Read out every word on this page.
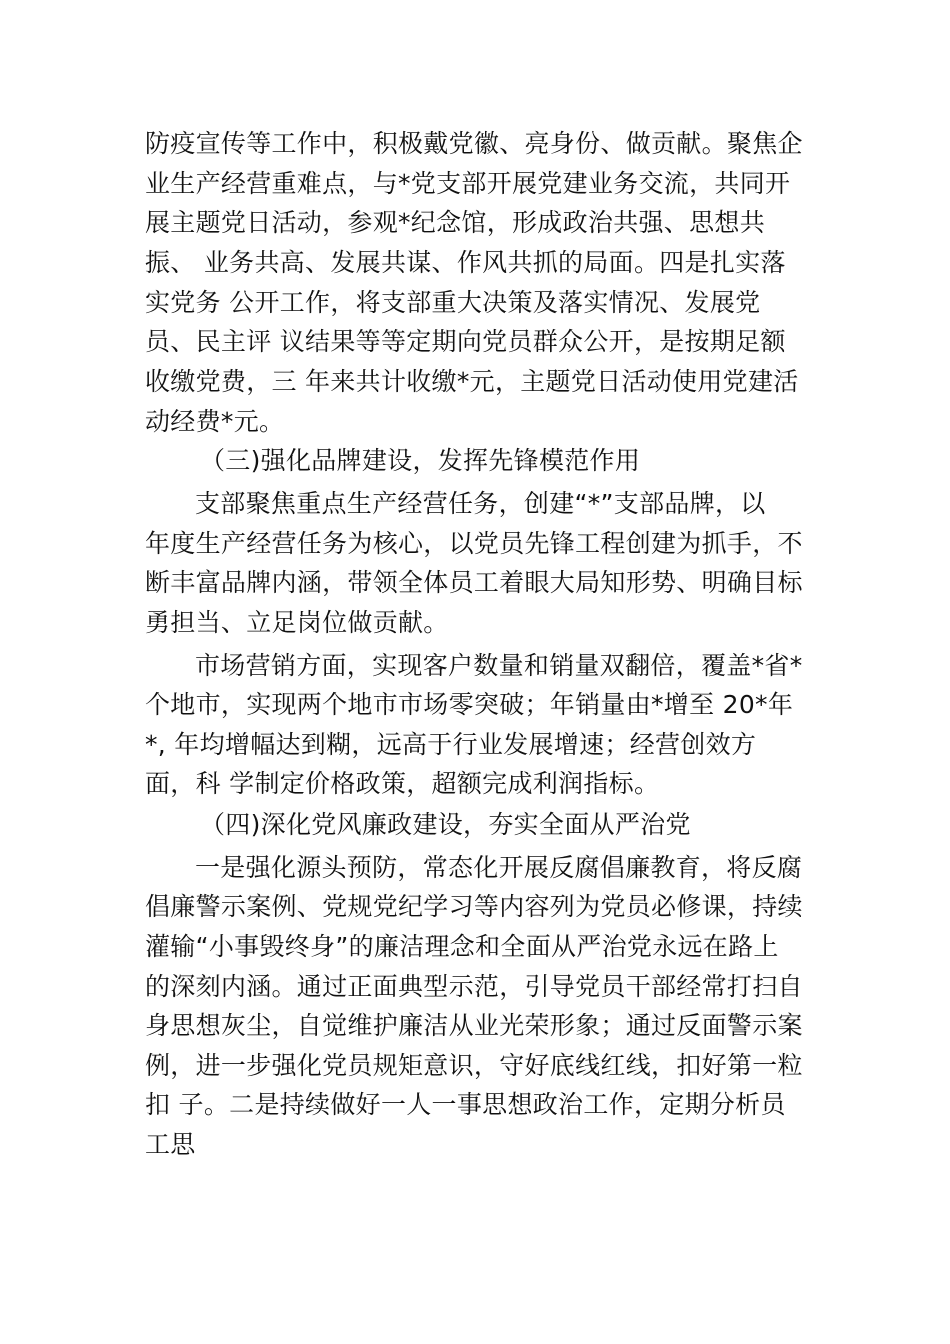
防疫宣传等工作中，积极戴党徽、亮身份、做贡献。聚焦企
业生产经营重难点，与*党支部开展党建业务交流，共同开
展主题党日活动，参观*纪念馆，形成政治共强、思想共
振、 业务共高、发展共谋、作风共抓的局面。四是扎实落
实党务 公开工作，将支部重大决策及落实情况、发展党
员、民主评 议结果等等定期向党员群众公开，是按期足额
收缴党费，三 年来共计收缴*元，主题党日活动使用党建活
动经费*元。
（三)强化品牌建设，发挥先锋模范作用
支部聚焦重点生产经营任务，创建“*”支部品牌，以
年度生产经营任务为核心，以党员先锋工程创建为抓手，不
断丰富品牌内涵，带领全体员工着眼大局知形势、明确目标
勇担当、立足岗位做贡献。
市场营销方面，实现客户数量和销量双翻倍，覆盖*省*
个地市，实现两个地市市场零突破；年销量由*增至 20*年
*, 年均增幅达到糊，远高于行业发展增速；经营创效方
面，科 学制定价格政策，超额完成利润指标。
（四)深化党风廉政建设，夯实全面从严治党
一是强化源头预防，常态化开展反腐倡廉教育，将反腐
倡廉警示案例、党规党纪学习等内容列为党员必修课，持续
灌输“小事毁终身”的廉洁理念和全面从严治党永远在路上
的深刻内涵。通过正面典型示范，引导党员干部经常打扫自
身思想灰尘，自觉维护廉洁从业光荣形象；通过反面警示案
例，进一步强化党员规矩意识，守好底线红线，扣好第一粒
扣 子。二是持续做好一人一事思想政治工作，定期分析员
工思
